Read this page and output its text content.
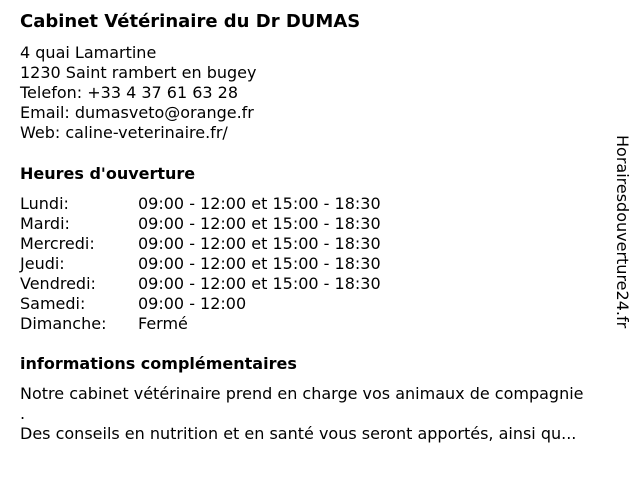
Cabinet Vétérinaire du Dr DUMAS
4 quai Lamartine
1230 Saint rambert en bugey
Telefon: +33 4 37 61 63 28
Email: dumasveto@orange.fr
Web: caline-veterinaire.fr/
Heures d'ouverture
Lundi:	09:00 - 12:00 et 15:00 - 18:30
Mardi:	09:00 - 12:00 et 15:00 - 18:30
Mercredi:	09:00 - 12:00 et 15:00 - 18:30
Jeudi:	09:00 - 12:00 et 15:00 - 18:30
Vendredi:	09:00 - 12:00 et 15:00 - 18:30
Samedi:	09:00 - 12:00
Dimanche: Fermé
informations complémentaires
Notre cabinet vétérinaire prend en charge vos animaux de compagnie
.
Des conseils en nutrition et en santé vous seront apportés, ainsi qu...
Horairesdouverture24.fr
